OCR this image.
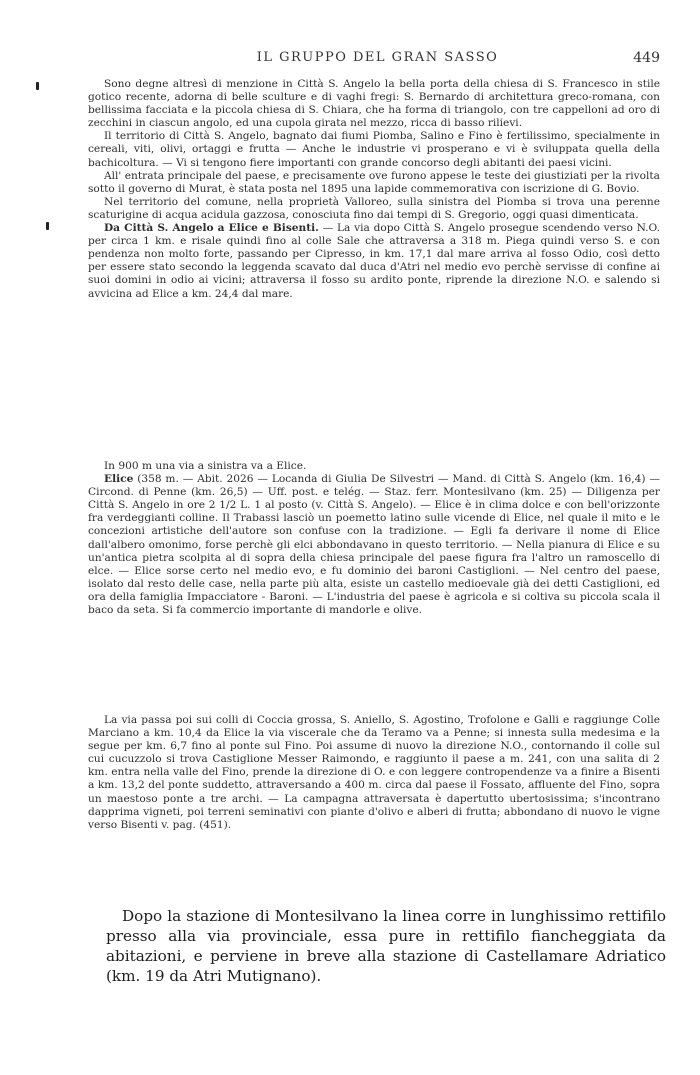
IL GRUPPO DEL GRAN SASSO	449

Sono degne altresì di menzione in Città S. Angelo la bella porta della chiesa di S. Francesco in stile gotico recente, adorna di belle sculture e di vaghi fregi: S. Bernardo di architettura greco-romana, con bellissima facciata e la piccola chiesa di S. Chiara, che ha forma di triangolo, con tre cappelloni ad oro di zecchini in ciascun angolo, ed una cupola girata nel mezzo, ricca di basso rilievi.

Il territorio di Città S. Angelo, bagnato dai fiumi Piomba, Salino e Fino è fertilissimo, specialmente in cereali, viti, olivi, ortaggi e frutta — Anche le industrie vi prosperano e vi è sviluppata quella della bachicoltura. — Vi si tengono fiere importanti con grande concorso degli abitanti dei paesi vicini.

All' entrata principale del paese, e precisamente ove furono appese le teste dei giustiziati per la rivolta sotto il governo di Murat, è stata posta nel 1895 una lapide commemorativa con iscrizione di G. Bovio.

Nel territorio del comune, nella proprietà Valloreo, sulla sinistra del Piomba si trova una perenne scaturigine di acqua acidula gazzosa, conosciuta fino dai tempi di S. Gregorio, oggi quasi dimenticata.

Da Città S. Angelo a Elice e Bisenti. — La via dopo Città S. Angelo prosegue scendendo verso N.O. per circa 1 km. e risale quindi fino al colle Sale che attraversa a 318 m. Piega quindi verso S. e con pendenza non molto forte, passando per Cipresso, in km. 17,1 dal mare arriva al fosso Odio, così detto per essere stato secondo la leggenda scavato dal duca d'Atri nel medio evo perchè servisse di confine ai suoi domini in odio ai vicini; attraversa il fosso su ardito ponte, riprende la direzione N.O. e salendo si avvicina ad Elice a km. 24,4 dal mare.

In 900 m una via a sinistra va a Elice.

Elice (358 m. — Abit. 2026 — Locanda di Giulia De Silvestri — Mand. di Città S. Angelo (km. 16,4) — Circond. di Penne (km. 26,5) — Uff. post. e telég. — Staz. ferr. Montesilvano (km. 25) — Diligenza per Città S. Angelo in ore 2 1/2 L. 1 al posto (v. Città S. Angelo). — Elice è in clima dolce e con bell'orizzonte fra verdeggianti colline. Il Trabassi lasciò un poemetto latino sulle vicende di Elice, nel quale il mito e le concezioni artistiche dell'autore son confuse con la tradizione. — Egli fa derivare il nome di Elice dall'albero omonimo, forse perchè gli elci abbondavano in questo territorio. — Nella pianura di Elice e su un'antica pietra scolpita al di sopra della chiesa principale del paese figura fra l'altro un ramoscello di elce. — Elice sorse certo nel medio evo, e fu dominio dei baroni Castiglioni. — Nel centro del paese, isolato dal resto delle case, nella parte più alta, esiste un castello medioevale già dei detti Castiglioni, ed ora della famiglia Impacciatore - Baroni. — L'industria del paese è agricola e si coltiva su piccola scala il baco da seta. Si fa commercio importante di mandorle e olive.

La via passa poi sui colli di Coccia grossa, S. Aniello, S. Agostino, Trofolone e Galli e raggiunge Colle Marciano a km. 10,4 da Elice la via viscerale che da Teramo va a Penne; si innesta sulla medesima e la segue per km. 6,7 fino al ponte sul Fino. Poi assume di nuovo la direzione N.O., contornando il colle sul cui cucuzzolo si trova Castiglione Messer Raimondo, e raggiunto il paese a m. 241, con una salita di 2 km. entra nella valle del Fino, prende la direzione di O. e con leggere contropendenze va a finire a Bisenti a km. 13,2 del ponte suddetto, attraversando a 400 m. circa dal paese il Fossato, affluente del Fino, sopra un maestoso ponte a tre archi. — La campagna attraversata è dapertutto ubertosissima; s'incontrano dapprima vigneti, poi terreni seminativi con piante d'olivo e alberi di frutta; abbondano di nuovo le vigne verso Bisenti v. pag. (451).

Dopo la stazione di Montesilvano la linea corre in lunghissimo rettifilo presso alla via provinciale, essa pure in rettifilo fiancheggiata da abitazioni, e perviene in breve alla stazione di Castellamare Adriatico (km. 19 da Atri Mutignano).
